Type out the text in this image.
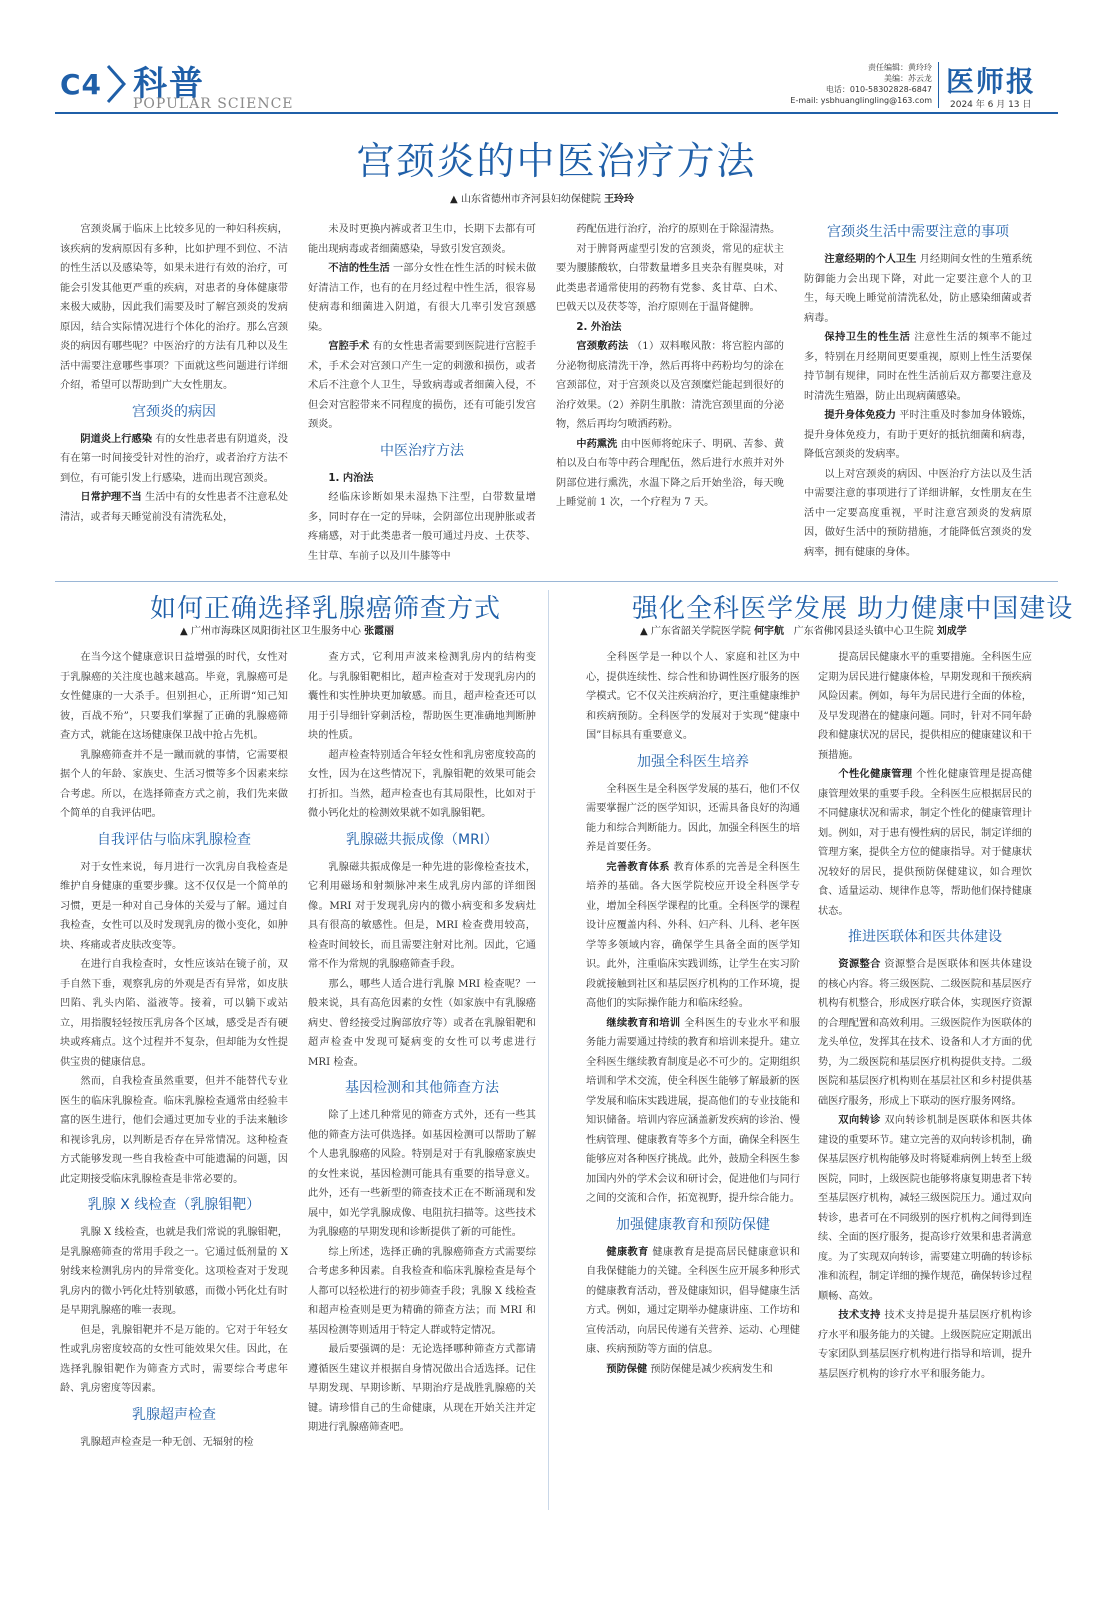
C4 科普
POPULAR SCIENCE
责任编辑：黄玲玲
美编：苏云龙
电话：010-58302828-6847
E-mail: ysbhuanglingling@163.com
医师报
2024 年 6 月 13 日
宫颈炎的中医治疗方法
▲ 山东省德州市齐河县妇幼保健院 王玲玲

宫颈炎属于临床上比较多见的一种妇科疾病，该疾病的发病原因有多种，比如护理不到位、不洁的性生活以及感染等，如果未进行有效的治疗，可能会引发其他更严重的疾病，对患者的身体健康带来极大威胁，因此我们需要及时了解宫颈炎的发病原因，结合实际情况进行个体化的治疗。那么宫颈炎的病因有哪些呢？中医治疗的方法有几种以及生活中需要注意哪些事项？下面就这些问题进行详细介绍，希望可以帮助到广大女性朋友。

宫颈炎的病因

阴道炎上行感染 有的女性患者患有阴道炎，没有在第一时间接受针对性的治疗，或者治疗方法不到位，有可能引发上行感染，进而出现宫颈炎。

日常护理不当 生活中有的女性患者不注意私处清洁，或者每天睡觉前没有清洗私处，

未及时更换内裤或者卫生巾，长期下去都有可能出现病毒或者细菌感染，导致引发宫颈炎。

不洁的性生活 一部分女性在性生活的时候未做好清洁工作，也有的在月经过程中性生活，很容易使病毒和细菌进入阴道，有很大几率引发宫颈感染。

宫腔手术 有的女性患者需要到医院进行宫腔手术，手术会对宫颈口产生一定的刺激和损伤，或者术后不注意个人卫生，导致病毒或者细菌入侵，不但会对宫腔带来不同程度的损伤，还有可能引发宫颈炎。

中医治疗方法

1. 内治法

经临床诊断如果未湿热下注型，白带数量增多，同时存在一定的异味，会阴部位出现肿胀或者疼痛感，对于此类患者一般可通过丹皮、土茯苓、生甘草、车前子以及川牛膝等中

药配伍进行治疗，治疗的原则在于除湿清热。

对于脾肾两虚型引发的宫颈炎，常见的症状主要为腰膝酸软，白带数量增多且夹杂有腥臭味，对此类患者通常使用的药物有党参、炙甘草、白术、巴戟天以及茯苓等，治疗原则在于温肾健脾。

2. 外治法

宫颈敷药法 （1）双料喉风散：将宫腔内部的分泌物彻底清洗干净，然后再将中药粉均匀的涂在宫颈部位，对于宫颈炎以及宫颈糜烂能起到很好的治疗效果。（2）养阴生肌散：清洗宫颈里面的分泌物，然后再均匀喷洒药粉。

中药熏洗 由中医师将蛇床子、明矾、苦参、黄柏以及白布等中药合理配伍，然后进行水煎并对外阴部位进行熏洗，水温下降之后开始坐浴，每天晚上睡觉前 1 次，一个疗程为 7 天。

宫颈炎生活中需要注意的事项

注意经期的个人卫生 月经期间女性的生殖系统防御能力会出现下降，对此一定要注意个人的卫生，每天晚上睡觉前清洗私处，防止感染细菌或者病毒。

保持卫生的性生活 注意性生活的频率不能过多，特别在月经期间更要重视，原则上性生活要保持节制有规律，同时在性生活前后双方都要注意及时清洗生殖器，防止出现病菌感染。

提升身体免疫力 平时注重及时参加身体锻炼，提升身体免疫力，有助于更好的抵抗细菌和病毒，降低宫颈炎的发病率。

以上对宫颈炎的病因、中医治疗方法以及生活中需要注意的事项进行了详细讲解，女性朋友在生活中一定要高度重视，平时注意宫颈炎的发病原因，做好生活中的预防措施，才能降低宫颈炎的发病率，拥有健康的身体。

如何正确选择乳腺癌筛查方式
▲ 广州市海珠区凤阳街社区卫生服务中心 张霞丽

在当今这个健康意识日益增强的时代，女性对于乳腺癌的关注度也越来越高。毕竟，乳腺癌可是女性健康的一大杀手。但别担心，正所谓“知己知彼，百战不殆”，只要我们掌握了正确的乳腺癌筛查方式，就能在这场健康保卫战中抢占先机。

乳腺癌筛查并不是一蹴而就的事情，它需要根据个人的年龄、家族史、生活习惯等多个因素来综合考虑。所以，在选择筛查方式之前，我们先来做个简单的自我评估吧。

自我评估与临床乳腺检查

对于女性来说，每月进行一次乳房自我检查是维护自身健康的重要步骤。这不仅仅是一个简单的习惯，更是一种对自己身体的关爱与了解。通过自我检查，女性可以及时发现乳房的微小变化，如肿块、疼痛或者皮肤改变等。

在进行自我检查时，女性应该站在镜子前，双手自然下垂，观察乳房的外观是否有异常，如皮肤凹陷、乳头内陷、溢液等。接着，可以躺下或站立，用指腹轻轻按压乳房各个区域，感受是否有硬块或疼痛点。这个过程并不复杂，但却能为女性提供宝贵的健康信息。

然而，自我检查虽然重要，但并不能替代专业医生的临床乳腺检查。临床乳腺检查通常由经验丰富的医生进行，他们会通过更加专业的手法来触诊和视诊乳房，以判断是否存在异常情况。这种检查方式能够发现一些自我检查中可能遗漏的问题，因此定期接受临床乳腺检查是非常必要的。

乳腺 X 线检查（乳腺钼靶）

乳腺 X 线检查，也就是我们常说的乳腺钼靶，是乳腺癌筛查的常用手段之一。它通过低剂量的 X 射线来检测乳房内的异常变化。这项检查对于发现乳房内的微小钙化灶特别敏感，而微小钙化灶有时是早期乳腺癌的唯一表现。

但是，乳腺钼靶并不是万能的。它对于年轻女性或乳房密度较高的女性可能效果欠佳。因此，在选择乳腺钼靶作为筛查方式时，需要综合考虑年龄、乳房密度等因素。

乳腺超声检查

乳腺超声检查是一种无创、无辐射的检

查方式，它利用声波来检测乳房内的结构变化。与乳腺钼靶相比，超声检查对于发现乳房内的囊性和实性肿块更加敏感。而且，超声检查还可以用于引导细针穿刺活检，帮助医生更准确地判断肿块的性质。

超声检查特别适合年轻女性和乳房密度较高的女性，因为在这些情况下，乳腺钼靶的效果可能会打折扣。当然，超声检查也有其局限性，比如对于微小钙化灶的检测效果就不如乳腺钼靶。

乳腺磁共振成像（MRI）

乳腺磁共振成像是一种先进的影像检查技术，它利用磁场和射频脉冲来生成乳房内部的详细图像。MRI 对于发现乳房内的微小病变和多发病灶具有很高的敏感性。但是，MRI 检查费用较高，检查时间较长，而且需要注射对比剂。因此，它通常不作为常规的乳腺癌筛查手段。

那么，哪些人适合进行乳腺 MRI 检查呢？一般来说，具有高危因素的女性（如家族中有乳腺癌病史、曾经接受过胸部放疗等）或者在乳腺钼靶和超声检查中发现可疑病变的女性可以考虑进行 MRI 检查。

基因检测和其他筛查方法

除了上述几种常见的筛查方式外，还有一些其他的筛查方法可供选择。如基因检测可以帮助了解个人患乳腺癌的风险。特别是对于有乳腺癌家族史的女性来说，基因检测可能具有重要的指导意义。此外，还有一些新型的筛查技术正在不断涌现和发展中，如光学乳腺成像、电阻抗扫描等。这些技术为乳腺癌的早期发现和诊断提供了新的可能性。

综上所述，选择正确的乳腺癌筛查方式需要综合考虑多种因素。自我检查和临床乳腺检查是每个人都可以轻松进行的初步筛查手段；乳腺 X 线检查和超声检查则是更为精确的筛查方法；而 MRI 和基因检测等则适用于特定人群或特定情况。

最后要强调的是：无论选择哪种筛查方式都请遵循医生建议并根据自身情况做出合适选择。记住早期发现、早期诊断、早期治疗是战胜乳腺癌的关键。请珍惜自己的生命健康，从现在开始关注并定期进行乳腺癌筛查吧。

强化全科医学发展 助力健康中国建设
▲ 广东省韶关学院医学院 何宇航 广东省佛冈县迳头镇中心卫生院 刘成学

全科医学是一种以个人、家庭和社区为中心，提供连续性、综合性和协调性医疗服务的医学模式。它不仅关注疾病治疗，更注重健康维护和疾病预防。全科医学的发展对于实现“健康中国”目标具有重要意义。

加强全科医生培养

全科医生是全科医学发展的基石，他们不仅需要掌握广泛的医学知识，还需具备良好的沟通能力和综合判断能力。因此，加强全科医生的培养是首要任务。

完善教育体系 教育体系的完善是全科医生培养的基础。各大医学院校应开设全科医学专业，增加全科医学课程的比重。全科医学的课程设计应覆盖内科、外科、妇产科、儿科、老年医学等多领域内容，确保学生具备全面的医学知识。此外，注重临床实践训练，让学生在实习阶段就接触到社区和基层医疗机构的工作环境，提高他们的实际操作能力和临床经验。

继续教育和培训 全科医生的专业水平和服务能力需要通过持续的教育和培训来提升。建立全科医生继续教育制度是必不可少的。定期组织培训和学术交流，使全科医生能够了解最新的医学发展和临床实践进展，提高他们的专业技能和知识储备。培训内容应涵盖新发疾病的诊治、慢性病管理、健康教育等多个方面，确保全科医生能够应对各种医疗挑战。此外，鼓励全科医生参加国内外的学术会议和研讨会，促进他们与同行之间的交流和合作，拓宽视野，提升综合能力。

加强健康教育和预防保健

健康教育 健康教育是提高居民健康意识和自我保健能力的关键。全科医生应开展多种形式的健康教育活动，普及健康知识，倡导健康生活方式。例如，通过定期举办健康讲座、工作坊和宣传活动，向居民传递有关营养、运动、心理健康、疾病预防等方面的信息。

预防保健 预防保健是减少疾病发生和

提高居民健康水平的重要措施。全科医生应定期为居民进行健康体检，早期发现和干预疾病风险因素。例如，每年为居民进行全面的体检，及早发现潜在的健康问题。同时，针对不同年龄段和健康状况的居民，提供相应的健康建议和干预措施。

个性化健康管理 个性化健康管理是提高健康管理效果的重要手段。全科医生应根据居民的不同健康状况和需求，制定个性化的健康管理计划。例如，对于患有慢性病的居民，制定详细的管理方案，提供全方位的健康指导。对于健康状况较好的居民，提供预防保健建议，如合理饮食、适量运动、规律作息等，帮助他们保持健康状态。

推进医联体和医共体建设

资源整合 资源整合是医联体和医共体建设的核心内容。将三级医院、二级医院和基层医疗机构有机整合，形成医疗联合体，实现医疗资源的合理配置和高效利用。三级医院作为医联体的龙头单位，发挥其在技术、设备和人才方面的优势，为二级医院和基层医疗机构提供支持。二级医院和基层医疗机构则在基层社区和乡村提供基础医疗服务，形成上下联动的医疗服务网络。

双向转诊 双向转诊机制是医联体和医共体建设的重要环节。建立完善的双向转诊机制，确保基层医疗机构能够及时将疑难病例上转至上级医院，同时，上级医院也能够将康复期患者下转至基层医疗机构，减轻三级医院压力。通过双向转诊，患者可在不同级别的医疗机构之间得到连续、全面的医疗服务，提高诊疗效果和患者满意度。为了实现双向转诊，需要建立明确的转诊标准和流程，制定详细的操作规范，确保转诊过程顺畅、高效。

技术支持 技术支持是提升基层医疗机构诊疗水平和服务能力的关键。上级医院应定期派出专家团队到基层医疗机构进行指导和培训，提升基层医疗机构的诊疗水平和服务能力。
